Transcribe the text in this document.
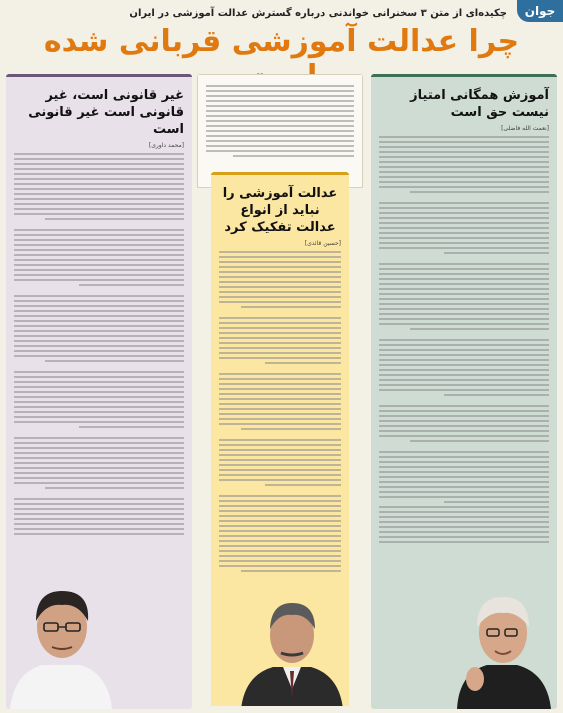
جوان
چکیده‌ای از متن ۳ سخنرانی خواندنی درباره گسترش عدالت آموزشی در ایران
چرا عدالت آموزشی قربانی شده
آموزش همگانی امتیاز نیست حق است
[نعمت الله فاضلی]
عدالت آموزشی را نباید از انواع عدالت تفکیک کرد
[حسین قائدی]
غیر قانونی است، غیر قانونی است غیر قانونی است
[محمد داوری]
